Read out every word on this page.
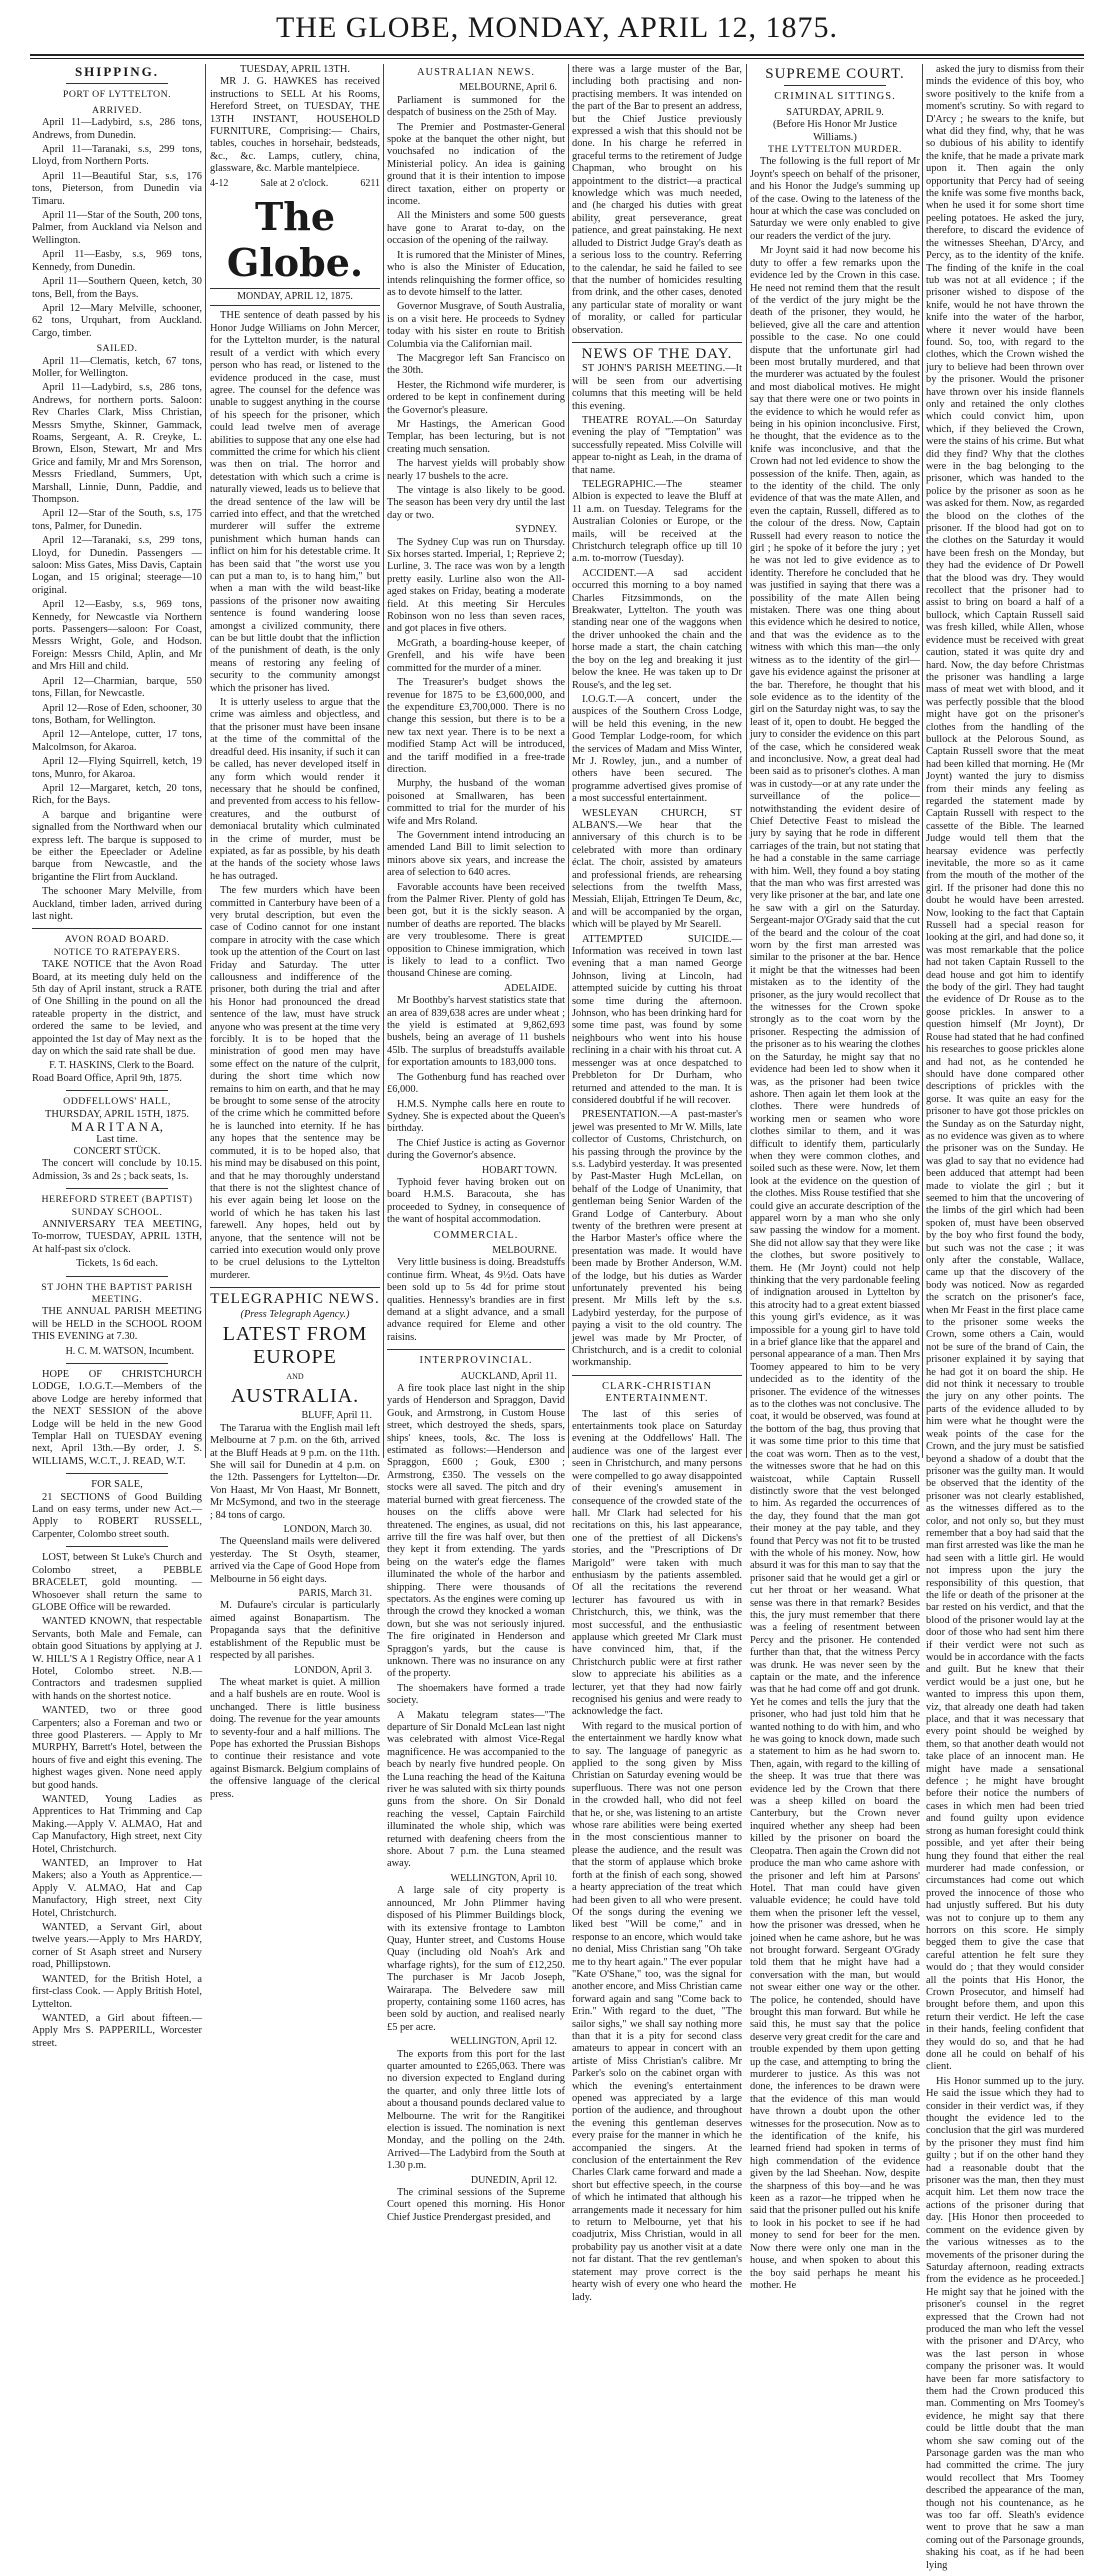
THE GLOBE, MONDAY, APRIL 12, 1875.
SHIPPING.
PORT OF LYTTELTON.
ARRIVED.

April 11—Ladybird, s.s, 286 tons, Andrews, from Dunedin.

April 11—Taranaki, s.s, 299 tons, Lloyd, from Northern Ports.

April 11—Beautiful Star, s.s, 176 tons, Pieterson, from Dunedin via Timaru.

April 11—Star of the South, 200 tons, Palmer, from Auckland via Nelson and Wellington.

April 11—Easby, s.s, 969 tons, Kennedy, from Dunedin.

April 11—Southern Queen, ketch, 30 tons, Bell, from the Bays.

April 12—Mary Melville, schooner, 62 tons, Urquhart, from Auckland. Cargo, timber.

SAILED.

April 11—Clematis, ketch, 67 tons, Moller, for Wellington.

April 11—Ladybird, s.s, 286 tons, Andrews, for northern ports. Saloon: Rev Charles Clark, Miss Christian, Messrs Smythe, Skinner, Gammack, Roams, Sergeant, A. R. Creyke, L. Brown, Elson, Stewart, Mr and Mrs Grice and family, Mr and Mrs Sorenson, Messrs Friedland, Summers, Upt, Marshall, Linnie, Dunn, Paddie, and Thompson.

April 12—Star of the South, s.s, 175 tons, Palmer, for Dunedin.

April 12—Taranaki, s.s, 299 tons, Lloyd, for Dunedin. Passengers — saloon: Miss Gates, Miss Davis, Captain Logan, and 15 original; steerage—10 original.

April 12—Easby, s.s, 969 tons, Kennedy, for Newcastle via Northern ports. Passengers—saloon: For Coast, Messrs Wright, Gole, and Hodson. Foreign: Messrs Child, Aplin, and Mr and Mrs Hill and child.

April 12—Charmian, barque, 550 tons, Fillan, for Newcastle.

April 12—Rose of Eden, schooner, 30 tons, Botham, for Wellington.

April 12—Antelope, cutter, 17 tons, Malcolmson, for Akaroa.

April 12—Flying Squirrell, ketch, 19 tons, Munro, for Akaroa.

April 12—Margaret, ketch, 20 tons, Rich, for the Bays.

A barque and brigantine were signalled from the Northward when our express left. The barque is supposed to be either the Epeeclader or Adeline barque from Newcastle, and the brigantine the Flirt from Auckland.

The schooner Mary Melville, from Auckland, timber laden, arrived during last night.

AVON ROAD BOARD.
NOTICE TO RATEPAYERS.

TAKE NOTICE that the Avon Road Board, at its meeting duly held on the 5th day of April instant, struck a RATE of One Shilling in the pound on all the rateable property in the district, and ordered the same to be levied, and appointed the 1st day of May next as the day on which the said rate shall be due.

F. T. HASKINS, Clerk to the Board.

Road Board Office, April 9th, 1875.

ODDFELLOWS' HALL,
THURSDAY, APRIL 15TH, 1875.
M A R I T A N A,
Last time.
CONCERT STÜCK.

The concert will conclude by 10.15. Admission, 3s and 2s ; back seats, 1s.

HEREFORD STREET (BAPTIST) SUNDAY SCHOOL.

ANNIVERSARY TEA MEETING, To-morrow, TUESDAY, APRIL 13TH, At half-past six o'clock.

Tickets, 1s 6d each.
ST JOHN THE BAPTIST PARISH MEETING.

THE ANNUAL PARISH MEETING will be HELD in the SCHOOL ROOM THIS EVENING at 7.30.

H. C. M. WATSON, Incumbent.

HOPE OF CHRISTCHURCH LODGE, I.O.G.T.—Members of the above Lodge are hereby informed that the NEXT SESSION of the above Lodge will be held in the new Good Templar Hall on TUESDAY evening next, April 13th.—By order, J. S. WILLIAMS, W.C.T., J. READ, W.T.

FOR SALE,

21 SECTIONS of Good Building Land on easy terms, under new Act.—Apply to ROBERT RUSSELL, Carpenter, Colombo street south.

LOST, between St Luke's Church and Colombo street, a PEBBLE BRACELET, gold mounting. — Whosoever shall return the same to GLOBE Office will be rewarded.

WANTED KNOWN, that respectable Servants, both Male and Female, can obtain good Situations by applying at J. W. HILL'S A 1 Registry Office, near A 1 Hotel, Colombo street. N.B.—Contractors and tradesmen supplied with hands on the shortest notice.

WANTED, two or three good Carpenters; also a Foreman and two or three good Plasterers. — Apply to Mr MURPHY, Barrett's Hotel, between the hours of five and eight this evening. The highest wages given. None need apply but good hands.

WANTED, Young Ladies as Apprentices to Hat Trimming and Cap Making.—Apply V. ALMAO, Hat and Cap Manufactory, High street, next City Hotel, Christchurch.

WANTED, an Improver to Hat Makers; also a Youth as Apprentice.—Apply V. ALMAO, Hat and Cap Manufactory, High street, next City Hotel, Christchurch.

WANTED, a Servant Girl, about twelve years.—Apply to Mrs HARDY, corner of St Asaph street and Nursery road, Phillipstown.

WANTED, for the British Hotel, a first-class Cook. — Apply British Hotel, Lyttelton.

WANTED, a Girl about fifteen.—Apply Mrs S. PAPPERILL, Worcester street.

TUESDAY, APRIL 13TH.

MR J. G. HAWKES has received instructions to SELL At his Rooms, Hereford Street, on TUESDAY, THE 13TH INSTANT, HOUSEHOLD FURNITURE, Comprising:— Chairs, tables, couches in horsehair, bedsteads, &c., &c. Lamps, cutlery, china, glassware, &c. Marble mantelpiece.

4-12	Sale at 2 o'clock.	6211
The Globe.
MONDAY, APRIL 12, 1875.

THE sentence of death passed by his Honor Judge Williams on John Mercer, for the Lyttelton murder, is the natural result of a verdict with which every person who has read, or listened to the evidence produced in the case, must agree. The counsel for the defence was unable to suggest anything in the course of his speech for the prisoner, which could lead twelve men of average abilities to suppose that any one else had committed the crime for which his client was then on trial. The horror and detestation with which such a crime is naturally viewed, leads us to believe that the dread sentence of the law will be carried into effect, and that the wretched murderer will suffer the extreme punishment which human hands can inflict on him for his detestable crime. It has been said that "the worst use you can put a man to, is to hang him," but when a man with the wild beast-like passions of the prisoner now awaiting sentence is found wandering loose amongst a civilized community, there can be but little doubt that the infliction of the punishment of death, is the only means of restoring any feeling of security to the community amongst which the prisoner has lived.

It is utterly useless to argue that the crime was aimless and objectless, and that the prisoner must have been insane at the time of the committal of the dreadful deed. His insanity, if such it can be called, has never developed itself in any form which would render it necessary that he should be confined, and prevented from access to his fellow-creatures, and the outburst of demoniacal brutality which culminated in the crime of murder, must be expiated, as far as possible, by his death at the hands of the society whose laws he has outraged.

The few murders which have been committed in Canterbury have been of a very brutal description, but even the case of Codino cannot for one instant compare in atrocity with the case which took up the attention of the Court on last Friday and Saturday. The utter callousness and indifference of the prisoner, both during the trial and after his Honor had pronounced the dread sentence of the law, must have struck anyone who was present at the time very forcibly. It is to be hoped that the ministration of good men may have some effect on the nature of the culprit, during the short time which now remains to him on earth, and that he may be brought to some sense of the atrocity of the crime which he committed before he is launched into eternity. If he has any hopes that the sentence may be commuted, it is to be hoped also, that his mind may be disabused on this point, and that he may thoroughly understand that there is not the slightest chance of his ever again being let loose on the world of which he has taken his last farewell. Any hopes, held out by anyone, that the sentence will not be carried into execution would only prove to be cruel delusions to the Lyttelton murderer.

TELEGRAPHIC NEWS.
(Press Telegraph Agency.)
LATEST FROM EUROPE
AND
AUSTRALIA.
BLUFF, April 11.

The Tararua with the English mail left Melbourne at 7 p.m. on the 6th, arrived at the Bluff Heads at 9 p.m. on the 11th. She will sail for Dunedin at 4 p.m. on the 12th. Passengers for Lyttelton—Dr. Von Haast, Mr Von Haast, Mr Bonnett, Mr McSymond, and two in the steerage ; 84 tons of cargo.

LONDON, March 30.

The Queensland mails were delivered yesterday. The St Osyth, steamer, arrived via the Cape of Good Hope from Melbourne in 56 eight days.

PARIS, March 31.

M. Dufaure's circular is particularly aimed against Bonapartism. The Propaganda says that the definitive establishment of the Republic must be respected by all parishes.

LONDON, April 3.

The wheat market is quiet. A million and a half bushels are en route. Wool is unchanged. There is little business doing. The revenue for the year amounts to seventy-four and a half millions. The Pope has exhorted the Prussian Bishops to continue their resistance and vote against Bismarck. Belgium complains of the offensive language of the clerical press.

AUSTRALIAN NEWS.
MELBOURNE, April 6.

Parliament is summoned for the despatch of business on the 25th of May.

The Premier and Postmaster-General spoke at the banquet the other night, but vouchsafed no indication of the Ministerial policy. An idea is gaining ground that it is their intention to impose direct taxation, either on property or income.

All the Ministers and some 500 guests have gone to Ararat to-day, on the occasion of the opening of the railway.

It is rumored that the Minister of Mines, who is also the Minister of Education, intends relinquishing the former office, so as to devote himself to the latter.

Governor Musgrave, of South Australia, is on a visit here. He proceeds to Sydney today with his sister en route to British Columbia via the Californian mail.

The Macgregor left San Francisco on the 30th.

Hester, the Richmond wife murderer, is ordered to be kept in confinement during the Governor's pleasure.

Mr Hastings, the American Good Templar, has been lecturing, but is not creating much sensation.

The harvest yields will probably show nearly 17 bushels to the acre.

The vintage is also likely to be good. The season has been very dry until the last day or two.

SYDNEY.

The Sydney Cup was run on Thursday. Six horses started. Imperial, 1; Reprieve 2; Lurline, 3. The race was won by a length pretty easily. Lurline also won the All-aged stakes on Friday, beating a moderate field. At this meeting Sir Hercules Robinson won no less than seven races, and got places in five others.

McGrath, a boarding-house keeper, of Grenfell, and his wife have been committed for the murder of a miner.

The Treasurer's budget shows the revenue for 1875 to be £3,600,000, and the expenditure £3,700,000. There is no change this session, but there is to be a new tax next year. There is to be next a modified Stamp Act will be introduced, and the tariff modified in a free-trade direction.

Murphy, the husband of the woman poisoned at Smallwaren, has been committed to trial for the murder of his wife and Mrs Roland.

The Government intend introducing an amended Land Bill to limit selection to minors above six years, and increase the area of selection to 640 acres.

Favorable accounts have been received from the Palmer River. Plenty of gold has been got, but it is the sickly season. A number of deaths are reported. The blacks are very troublesome. There is great opposition to Chinese immigration, which is likely to lead to a conflict. Two thousand Chinese are coming.

ADELAIDE.

Mr Boothby's harvest statistics state that an area of 839,638 acres are under wheat ; the yield is estimated at 9,862,693 bushels, being an average of 11 bushels 45lb. The surplus of breadstuffs available for exportation amounts to 183,000 tons.

The Gothenburg fund has reached over £6,000.

H.M.S. Nymphe calls here en route to Sydney. She is expected about the Queen's birthday.

The Chief Justice is acting as Governor during the Governor's absence.

HOBART TOWN.

Typhoid fever having broken out on board H.M.S. Baracouta, she has proceeded to Sydney, in consequence of the want of hospital accommodation.

COMMERCIAL.
MELBOURNE.

Very little business is doing. Breadstuffs continue firm. Wheat, 4s 9½d. Oats have been sold up to 5s 4d for prime stout qualities. Hennessy's brandies are in first demand at a slight advance, and a small advance required for Eleme and other raisins.

INTERPROVINCIAL.
AUCKLAND, April 11.

A fire took place last night in the ship yards of Henderson and Spraggon, David Gouk, and Armstrong, in Custom House street, which destroyed the sheds, spars, ships' knees, tools, &c. The loss is estimated as follows:—Henderson and Spraggon, £600 ; Gouk, £300 ; Armstrong, £350. The vessels on the stocks were all saved. The pitch and dry material burned with great fierceness. The houses on the cliffs above were threatened. The engines, as usual, did not arrive till the fire was half over, but then they kept it from extending. The yards being on the water's edge the flames illuminated the whole of the harbor and shipping. There were thousands of spectators. As the engines were coming up through the crowd they knocked a woman down, but she was not seriously injured. The fire originated in Henderson and Spraggon's yards, but the cause is unknown. There was no insurance on any of the property.

The shoemakers have formed a trade society.

A Makatu telegram states—"The departure of Sir Donald McLean last night was celebrated with almost Vice-Regal magnificence. He was accompanied to the beach by nearly five hundred people. On the Luna reaching the head of the Kaituna river he was saluted with six thirty pounds guns from the shore. On Sir Donald reaching the vessel, Captain Fairchild illuminated the whole ship, which was returned with deafening cheers from the shore. About 7 p.m. the Luna steamed away.

WELLINGTON, April 10.

A large sale of city property is announced, Mr John Plimmer having disposed of his Plimmer Buildings block, with its extensive frontage to Lambton Quay, Hunter street, and Customs House Quay (including old Noah's Ark and wharfage rights), for the sum of £12,250. The purchaser is Mr Jacob Joseph, Wairarapa. The Belvedere saw mill property, containing some 1160 acres, has been sold by auction, and realised nearly £5 per acre.

WELLINGTON, April 12.

The exports from this port for the last quarter amounted to £265,063. There was no diversion expected to England during the quarter, and only three little lots of about a thousand pounds declared value to Melbourne. The writ for the Rangitikei election is issued. The nomination is next Monday, and the polling on the 24th. Arrived—The Ladybird from the South at 1.30 p.m.

DUNEDIN, April 12.

The criminal sessions of the Supreme Court opened this morning. His Honor Chief Justice Prendergast presided, and

there was a large muster of the Bar, including both practising and non-practising members. It was intended on the part of the Bar to present an address, but the Chief Justice previously expressed a wish that this should not be done. In his charge he referred in graceful terms to the retirement of Judge Chapman, who brought on his appointment to the district—a practical knowledge which was much needed, and (he charged his duties with great ability, great perseverance, great patience, and great painstaking. He next alluded to District Judge Gray's death as a serious loss to the country. Referring to the calendar, he said he failed to see that the number of homicides resulting from drink, and the other cases, denoted any particular state of morality or want of morality, or called for particular observation.

NEWS OF THE DAY.

ST JOHN'S PARISH MEETING.—It will be seen from our advertising columns that this meeting will be held this evening.

THEATRE ROYAL.—On Saturday evening the play of "Temptation" was successfully repeated. Miss Colville will appear to-night as Leah, in the drama of that name.

TELEGRAPHIC.—The steamer Albion is expected to leave the Bluff at 11 a.m. on Tuesday. Telegrams for the Australian Colonies or Europe, or the mails, will be received at the Christchurch telegraph office up till 10 a.m. to-morrow (Tuesday).

ACCIDENT.—A sad accident occurred this morning to a boy named Charles Fitzsimmonds, on the Breakwater, Lyttelton. The youth was standing near one of the waggons when the driver unhooked the chain and the horse made a start, the chain catching the boy on the leg and breaking it just below the knee. He was taken up to Dr Rouse's, and the leg set.

I.O.G.T.—A concert, under the auspices of the Southern Cross Lodge, will be held this evening, in the new Good Templar Lodge-room, for which the services of Madam and Miss Winter, Mr J. Rowley, jun., and a number of others have been secured. The programme advertised gives promise of a most successful entertainment.

WESLEYAN CHURCH, ST ALBAN'S.—We hear that the anniversary of this church is to be celebrated with more than ordinary éclat. The choir, assisted by amateurs and professional friends, are rehearsing selections from the twelfth Mass, Messiah, Elijah, Ettringen Te Deum, &c, and will be accompanied by the organ, which will be played by Mr Searell.

ATTEMPTED SUICIDE.—Information was received in town last evening that a man named George Johnson, living at Lincoln, had attempted suicide by cutting his throat some time during the afternoon. Johnson, who has been drinking hard for some time past, was found by some neighbours who went into his house reclining in a chair with his throat cut. A messenger was at once despatched to Prebbleton for Dr Durham, who returned and attended to the man. It is considered doubtful if he will recover.

PRESENTATION.—A past-master's jewel was presented to Mr W. Mills, late collector of Customs, Christchurch, on his passing through the province by the s.s. Ladybird yesterday. It was presented by Past-Master Hugh McLellan, on behalf of the Lodge of Unanimity, that gentleman being Senior Warden of the Grand Lodge of Canterbury. About twenty of the brethren were present at the Harbor Master's office where the presentation was made. It would have been made by Brother Anderson, W.M. of the lodge, but his duties as Warder unfortunately prevented his being present. Mr Mills left by the s.s. Ladybird yesterday, for the purpose of paying a visit to the old country. The jewel was made by Mr Procter, of Christchurch, and is a credit to colonial workmanship.

CLARK-CHRISTIAN ENTERTAINMENT.

The last of this series of entertainments took place on Saturday evening at the Oddfellows' Hall. The audience was one of the largest ever seen in Christchurch, and many persons were compelled to go away disappointed of their evening's amusement in consequence of the crowded state of the hall. Mr Clark had selected for his recitations on this, his last appearance, one of the prettiest of all Dickens's stories, and the "Prescriptions of Dr Marigold" were taken with much enthusiasm by the patients assembled. Of all the recitations the reverend lecturer has favoured us with in Christchurch, this, we think, was the most successful, and the enthusiastic applause which greeted Mr Clark must have convinced him, that, if the Christchurch public were at first rather slow to appreciate his abilities as a lecturer, yet that they had now fairly recognised his genius and were ready to acknowledge the fact.

With regard to the musical portion of the entertainment we hardly know what to say. The language of panegyric as applied to the song given by Miss Christian on Saturday evening would be superfluous. There was not one person in the crowded hall, who did not feel that he, or she, was listening to an artiste whose rare abilities were being exerted in the most conscientious manner to please the audience, and the result was that the storm of applause which broke forth at the finish of each song, showed a hearty appreciation of the treat which had been given to all who were present. Of the songs during the evening we liked best "Will be come," and in response to an encore, which would take no denial, Miss Christian sang "Oh take me to thy heart again." The ever popular "Kate O'Shane," too, was the signal for another encore, and Miss Christian came forward again and sang "Come back to Erin." With regard to the duet, "The sailor sighs," we shall say nothing more than that it is a pity for second class amateurs to appear in concert with an artiste of Miss Christian's calibre. Mr Parker's solo on the cabinet organ with which the evening's entertainment opened was appreciated by a large portion of the audience, and throughout the evening this gentleman deserves every praise for the manner in which he accompanied the singers. At the conclusion of the entertainment the Rev Charles Clark came forward and made a short but effective speech, in the course of which he intimated that although his arrangements made it necessary for him to return to Melbourne, yet that his coadjutrix, Miss Christian, would in all probability pay us another visit at a date not far distant. That the rev gentleman's statement may prove correct is the hearty wish of every one who heard the lady.

SUPREME COURT.
CRIMINAL SITTINGS.
SATURDAY, APRIL 9.
(Before His Honor Mr Justice Williams.)
THE LYTTELTON MURDER.

The following is the full report of Mr Joynt's speech on behalf of the prisoner, and his Honor the Judge's summing up of the case. Owing to the lateness of the hour at which the case was concluded on Saturday we were only enabled to give our readers the verdict of the jury.

Mr Joynt said it had now become his duty to offer a few remarks upon the evidence led by the Crown in this case. He need not remind them that the result of the verdict of the jury might be the death of the prisoner, they would, he believed, give all the care and attention possible to the case. No one could dispute that the unfortunate girl had been most brutally murdered, and that the murderer was actuated by the foulest and most diabolical motives. He might say that there were one or two points in the evidence to which he would refer as being in his opinion inconclusive. First, he thought, that the evidence as to the knife was inconclusive, and that the Crown had not led evidence to show the possession of the knife. Then, again, as to the identity of the child. The only evidence of that was the mate Allen, and even the captain, Russell, differed as to the colour of the dress. Now, Captain Russell had every reason to notice the girl ; he spoke of it before the jury ; yet he was not led to give evidence as to identity. Therefore he concluded that he was justified in saying that there was a possibility of the mate Allen being mistaken. There was one thing about this evidence which he desired to notice, and that was the evidence as to the witness with which this man—the only witness as to the identity of the girl—gave his evidence against the prisoner at the bar. Therefore, he thought that his sole evidence as to the identity of the girl on the Saturday night was, to say the least of it, open to doubt. He begged the jury to consider the evidence on this part of the case, which he considered weak and inconclusive. Now, a great deal had been said as to prisoner's clothes. A man was in custody—or at any rate under the surveillance of the police—notwithstanding the evident desire of Chief Detective Feast to mislead the jury by saying that he rode in different carriages of the train, but not stating that he had a constable in the same carriage with him. Well, they found a boy stating that the man who was first arrested was very like prisoner at the bar, and late one he saw with a girl on the Saturday. Sergeant-major O'Grady said that the cut of the beard and the colour of the coat worn by the first man arrested was similar to the prisoner at the bar. Hence it might be that the witnesses had been mistaken as to the identity of the prisoner, as the jury would recollect that the witnesses for the Crown spoke strongly as to the coat worn by the prisoner. Respecting the admission of the prisoner as to his wearing the clothes on the Saturday, he might say that no evidence had been led to show when it was, as the prisoner had been twice ashore. Then again let them look at the clothes. There were hundreds of working men or seamen who wore clothes similar to them, and it was difficult to identify them, particularly when they were common clothes, and soiled such as these were. Now, let them look at the evidence on the question of the clothes. Miss Rouse testified that she could give an accurate description of the apparel worn by a man who she only saw passing the window for a moment. She did not allow say that they were like the clothes, but swore positively to them. He (Mr Joynt) could not help thinking that the very pardonable feeling of indignation aroused in Lyttelton by this atrocity had to a great extent biassed this young girl's evidence, as it was impossible for a young girl to have told in a brief glance like that the apparel and personal appearance of a man. Then Mrs Toomey appeared to him to be very undecided as to the identity of the prisoner. The evidence of the witnesses as to the clothes was not conclusive. The coat, it would be observed, was found at the bottom of the bag, thus proving that it was some time prior to this time that the coat was worn. Then as to the vest, the witnesses swore that he had on this waistcoat, while Captain Russell distinctly swore that the vest belonged to him. As regarded the occurrences of the day, they found that the man got their money at the pay table, and they found that Percy was not fit to be trusted with the whole of his money. Now, how absurd it was for this man to say that the prisoner said that he would get a girl or cut her throat or her weasand. What sense was there in that remark? Besides this, the jury must remember that there was a feeling of resentment between Percy and the prisoner. He contended further than that, that the witness Percy was drunk. He was never seen by the captain or the mate, and the inference was that he had come off and got drunk. Yet he comes and tells the jury that the prisoner, who had just told him that he wanted nothing to do with him, and who he was going to knock down, made such a statement to him as he had sworn to. Then, again, with regard to the killing of the sheep. It was true that there was evidence led by the Crown that there was a sheep killed on board the Canterbury, but the Crown never inquired whether any sheep had been killed by the prisoner on board the Cleopatra. Then again the Crown did not produce the man who came ashore with the prisoner and left him at Parsons' Hotel. That man could have given valuable evidence; he could have told them when the prisoner left the vessel, how the prisoner was dressed, when he joined when he came ashore, but he was not brought forward. Sergeant O'Grady told them that he might have had a conversation with the man, but would not swear either one way or the other. The police, he contended, should have brought this man forward. But while he said this, he must say that the police deserve very great credit for the care and trouble expended by them upon getting up the case, and attempting to bring the murderer to justice. As this was not done, the inferences to be drawn were that the evidence of this man would have thrown a doubt upon the other witnesses for the prosecution. Now as to the identification of the knife, his learned friend had spoken in terms of high commendation of the evidence given by the lad Sheehan. Now, despite the sharpness of this boy—and he was keen as a razor—he tripped when he said that the prisoner pulled out his knife to look in his pocket to see if he had money to send for beer for the men. Now there were only one man in the house, and when spoken to about this the boy said perhaps he meant his mother. He

asked the jury to dismiss from their minds the evidence of this boy, who swore positively to the knife from a moment's scrutiny. So with regard to D'Arcy ; he swears to the knife, but what did they find, why, that he was so dubious of his ability to identify the knife, that he made a private mark upon it. Then again the only opportunity that Percy had of seeing the knife was some five months back, when he used it for some short time peeling potatoes. He asked the jury, therefore, to discard the evidence of the witnesses Sheehan, D'Arcy, and Percy, as to the identity of the knife. The finding of the knife in the coal tub was not at all evidence ; if the prisoner wished to dispose of the knife, would he not have thrown the knife into the water of the harbor, where it never would have been found. So, too, with regard to the clothes, which the Crown wished the jury to believe had been thrown over by the prisoner. Would the prisoner have thrown over his inside flannels only and retained the only clothes which could convict him, upon which, if they believed the Crown, were the stains of his crime. But what did they find? Why that the clothes were in the bag belonging to the prisoner, which was handed to the police by the prisoner as soon as he was asked for them. Now, as regarded the blood on the clothes of the prisoner. If the blood had got on to the clothes on the Saturday it would have been fresh on the Monday, but they had the evidence of Dr Powell that the blood was dry. They would recollect that the prisoner had to assist to bring on board a half of a bullock, which Captain Russell said was fresh killed, while Allen, whose evidence must be received with great caution, stated it was quite dry and hard. Now, the day before Christmas the prisoner was handling a large mass of meat wet with blood, and it was perfectly possible that the blood might have got on the prisoner's clothes from the handling of the bullock at the Pelorous Sound, as Captain Russell swore that the meat had been killed that morning. He (Mr Joynt) wanted the jury to dismiss from their minds any feeling as regarded the statement made by Captain Russell with respect to the cassette of the Bible. The learned Judge would tell them that the hearsay evidence was perfectly inevitable, the more so as it came from the mouth of the mother of the girl. If the prisoner had done this no doubt he would have been arrested. Now, looking to the fact that Captain Russell had a special reason for looking at the girl, and had done so, it was most remarkable that the police had not taken Captain Russell to the dead house and got him to identify the body of the girl. They had taught the evidence of Dr Rouse as to the goose prickles. In answer to a question himself (Mr Joynt), Dr Rouse had stated that he had confined his researches to goose prickles alone and had not, as he contended he should have done compared other descriptions of prickles with the gorse. It was quite an easy for the prisoner to have got those prickles on the Sunday as on the Saturday night, as no evidence was given as to where the prisoner was on the Sunday. He was glad to say that no evidence had been adduced that attempt had been made to violate the girl ; but it seemed to him that the uncovering of the limbs of the girl which had been spoken of, must have been observed by the boy who first found the body, but such was not the case ; it was only after the constable, Wallace, came up that the discovery of the body was noticed. Now as regarded the scratch on the prisoner's face, when Mr Feast in the first place came to the prisoner some weeks the Crown, some others a Cain, would not be sure of the brand of Cain, the prisoner explained it by saying that he had got it on board the ship. He did not think it necessary to trouble the jury on any other points. The parts of the evidence alluded to by him were what he thought were the weak points of the case for the Crown, and the jury must be satisfied beyond a shadow of a doubt that the prisoner was the guilty man. It would be observed that the identity of the prisoner was not clearly established, as the witnesses differed as to the color, and not only so, but they must remember that a boy had said that the man first arrested was like the man he had seen with a little girl. He would not impress upon the jury the responsibility of this question, that the life or death of the prisoner at the bar rested on his verdict, and that the blood of the prisoner would lay at the door of those who had sent him there if their verdict were not such as would be in accordance with the facts and guilt. But he knew that their verdict would be a just one, but he wanted to impress this upon them, viz, that already one death had taken place, and that it was necessary that every point should be weighed by them, so that another death would not take place of an innocent man. He might have made a sensational defence ; he might have brought before their notice the numbers of cases in which men had been tried and found guilty upon evidence strong as human foresight could think possible, and yet after their being hung they found that either the real murderer had made confession, or circumstances had come out which proved the innocence of those who had unjustly suffered. But his duty was not to conjure up to them any horrors on this score. He simply begged them to give the case that careful attention he felt sure they would do ; that they would consider all the points that His Honor, the Crown Prosecutor, and himself had brought before them, and upon this return their verdict. He left the case in their hands, feeling confident that they would do so, and that he had done all he could on behalf of his client.

His Honor summed up to the jury. He said the issue which they had to consider in their verdict was, if they thought the evidence led to the conclusion that the girl was murdered by the prisoner they must find him guilty ; but if on the other hand they had a reasonable doubt that the prisoner was the man, then they must acquit him. Let them now trace the actions of the prisoner during that day. [His Honor then proceeded to comment on the evidence given by the various witnesses as to the movements of the prisoner during the Saturday afternoon, reading extracts from the evidence as he proceeded.] He might say that he joined with the prisoner's counsel in the regret expressed that the Crown had not produced the man who left the vessel with the prisoner and D'Arcy, who was the last person in whose company the prisoner was. It would have been far more satisfactory to them had the Crown produced this man. Commenting on Mrs Toomey's evidence, he might say that there could be little doubt that the man whom she saw coming out of the Parsonage garden was the man who had committed the crime. The jury would recollect that Mrs Toomey described the appearance of the man, though not his countenance, as he was too far off. Sleath's evidence went to prove that he saw a man coming out of the Parsonage grounds, shaking his coat, as if he had been lying
